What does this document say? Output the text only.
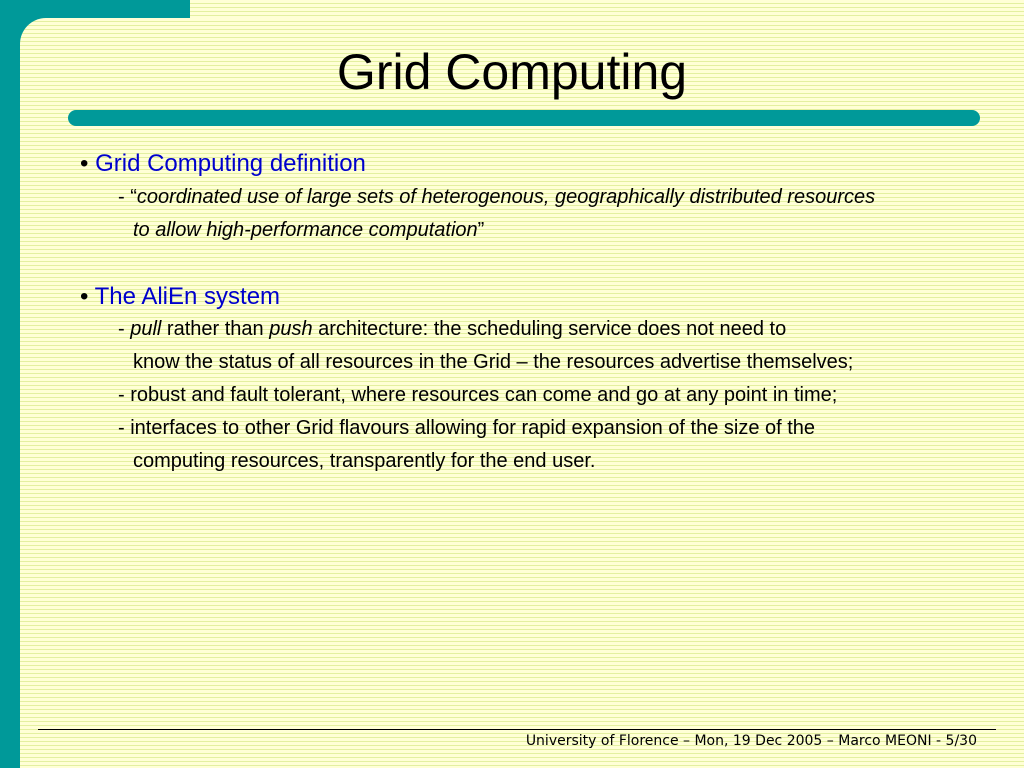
Grid Computing
• Grid Computing definition
- “coordinated use of large sets of heterogenous, geographically distributed resources
to allow high-performance computation”
• The AliEn system
- pull rather than push architecture: the scheduling service does not need to
know the status of all resources in the Grid – the resources advertise themselves;
- robust and fault tolerant, where resources can come and go at any point in time;
- interfaces to other Grid flavours allowing for rapid expansion of the size of the
computing resources, transparently for the end user.
University of Florence – Mon, 19 Dec 2005 – Marco MEONI - 5/30
